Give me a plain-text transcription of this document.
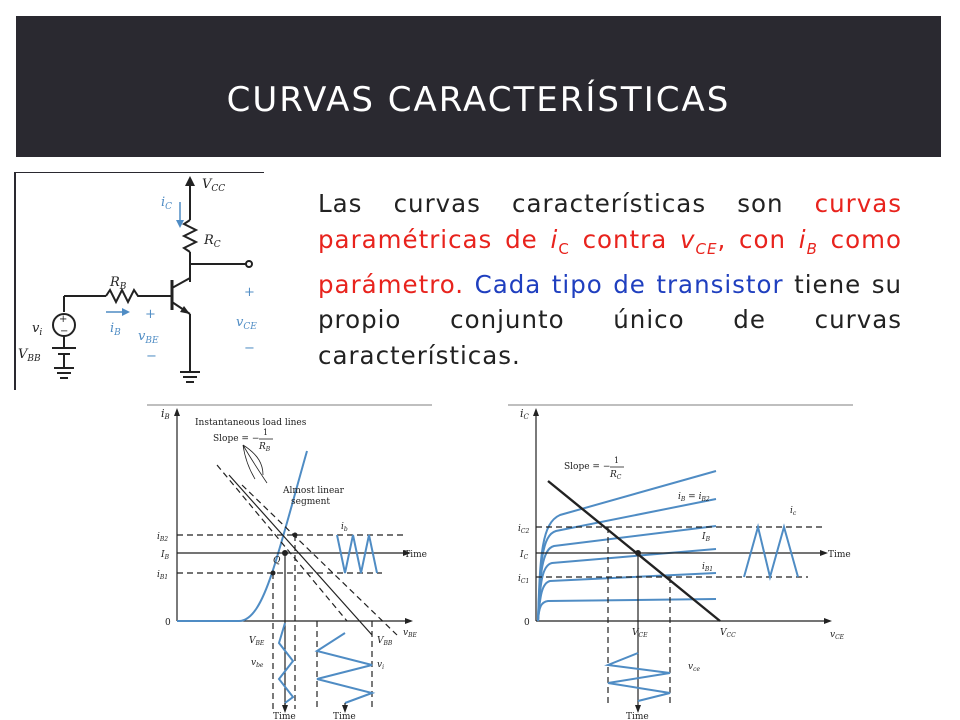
CURVAS CARACTERÍSTICAS
Las curvas características son curvas paramétricas de $i_C$ contra $v_{CE}$, con $i_B$ como parámetro. Cada tipo de transistor tiene su propio conjunto único de curvas características.
+
−
$V_{CC}$
$i_C$
$R_C$
$R_B$
$v_i$
$V_{BB}$
$i_B$
+
$v_{BE}$
−
+
$v_{CE}$
−
iB
Instantaneous load lines
Slope = −
1
$R_B$
Almost linear
segment
$i_b$
Time
$i_{B2}$
$I_B$
$i_{B1}$
Q
0
$V_{BE}$	$V_{BB}$
$v_{BE}$
$v_{be}$	$v_i$
Time	Time
iC
Slope = −
1
$R_C$
$i_B = i_{B2}$
$I_B$
$i_{B1}$
$i_c$
Time
$i_{C2}$
$I_C$
$i_{C1}$
0
$V_{CE}$	$V_{CC}$	$v_{CE}$
$v_{ce}$
Time
